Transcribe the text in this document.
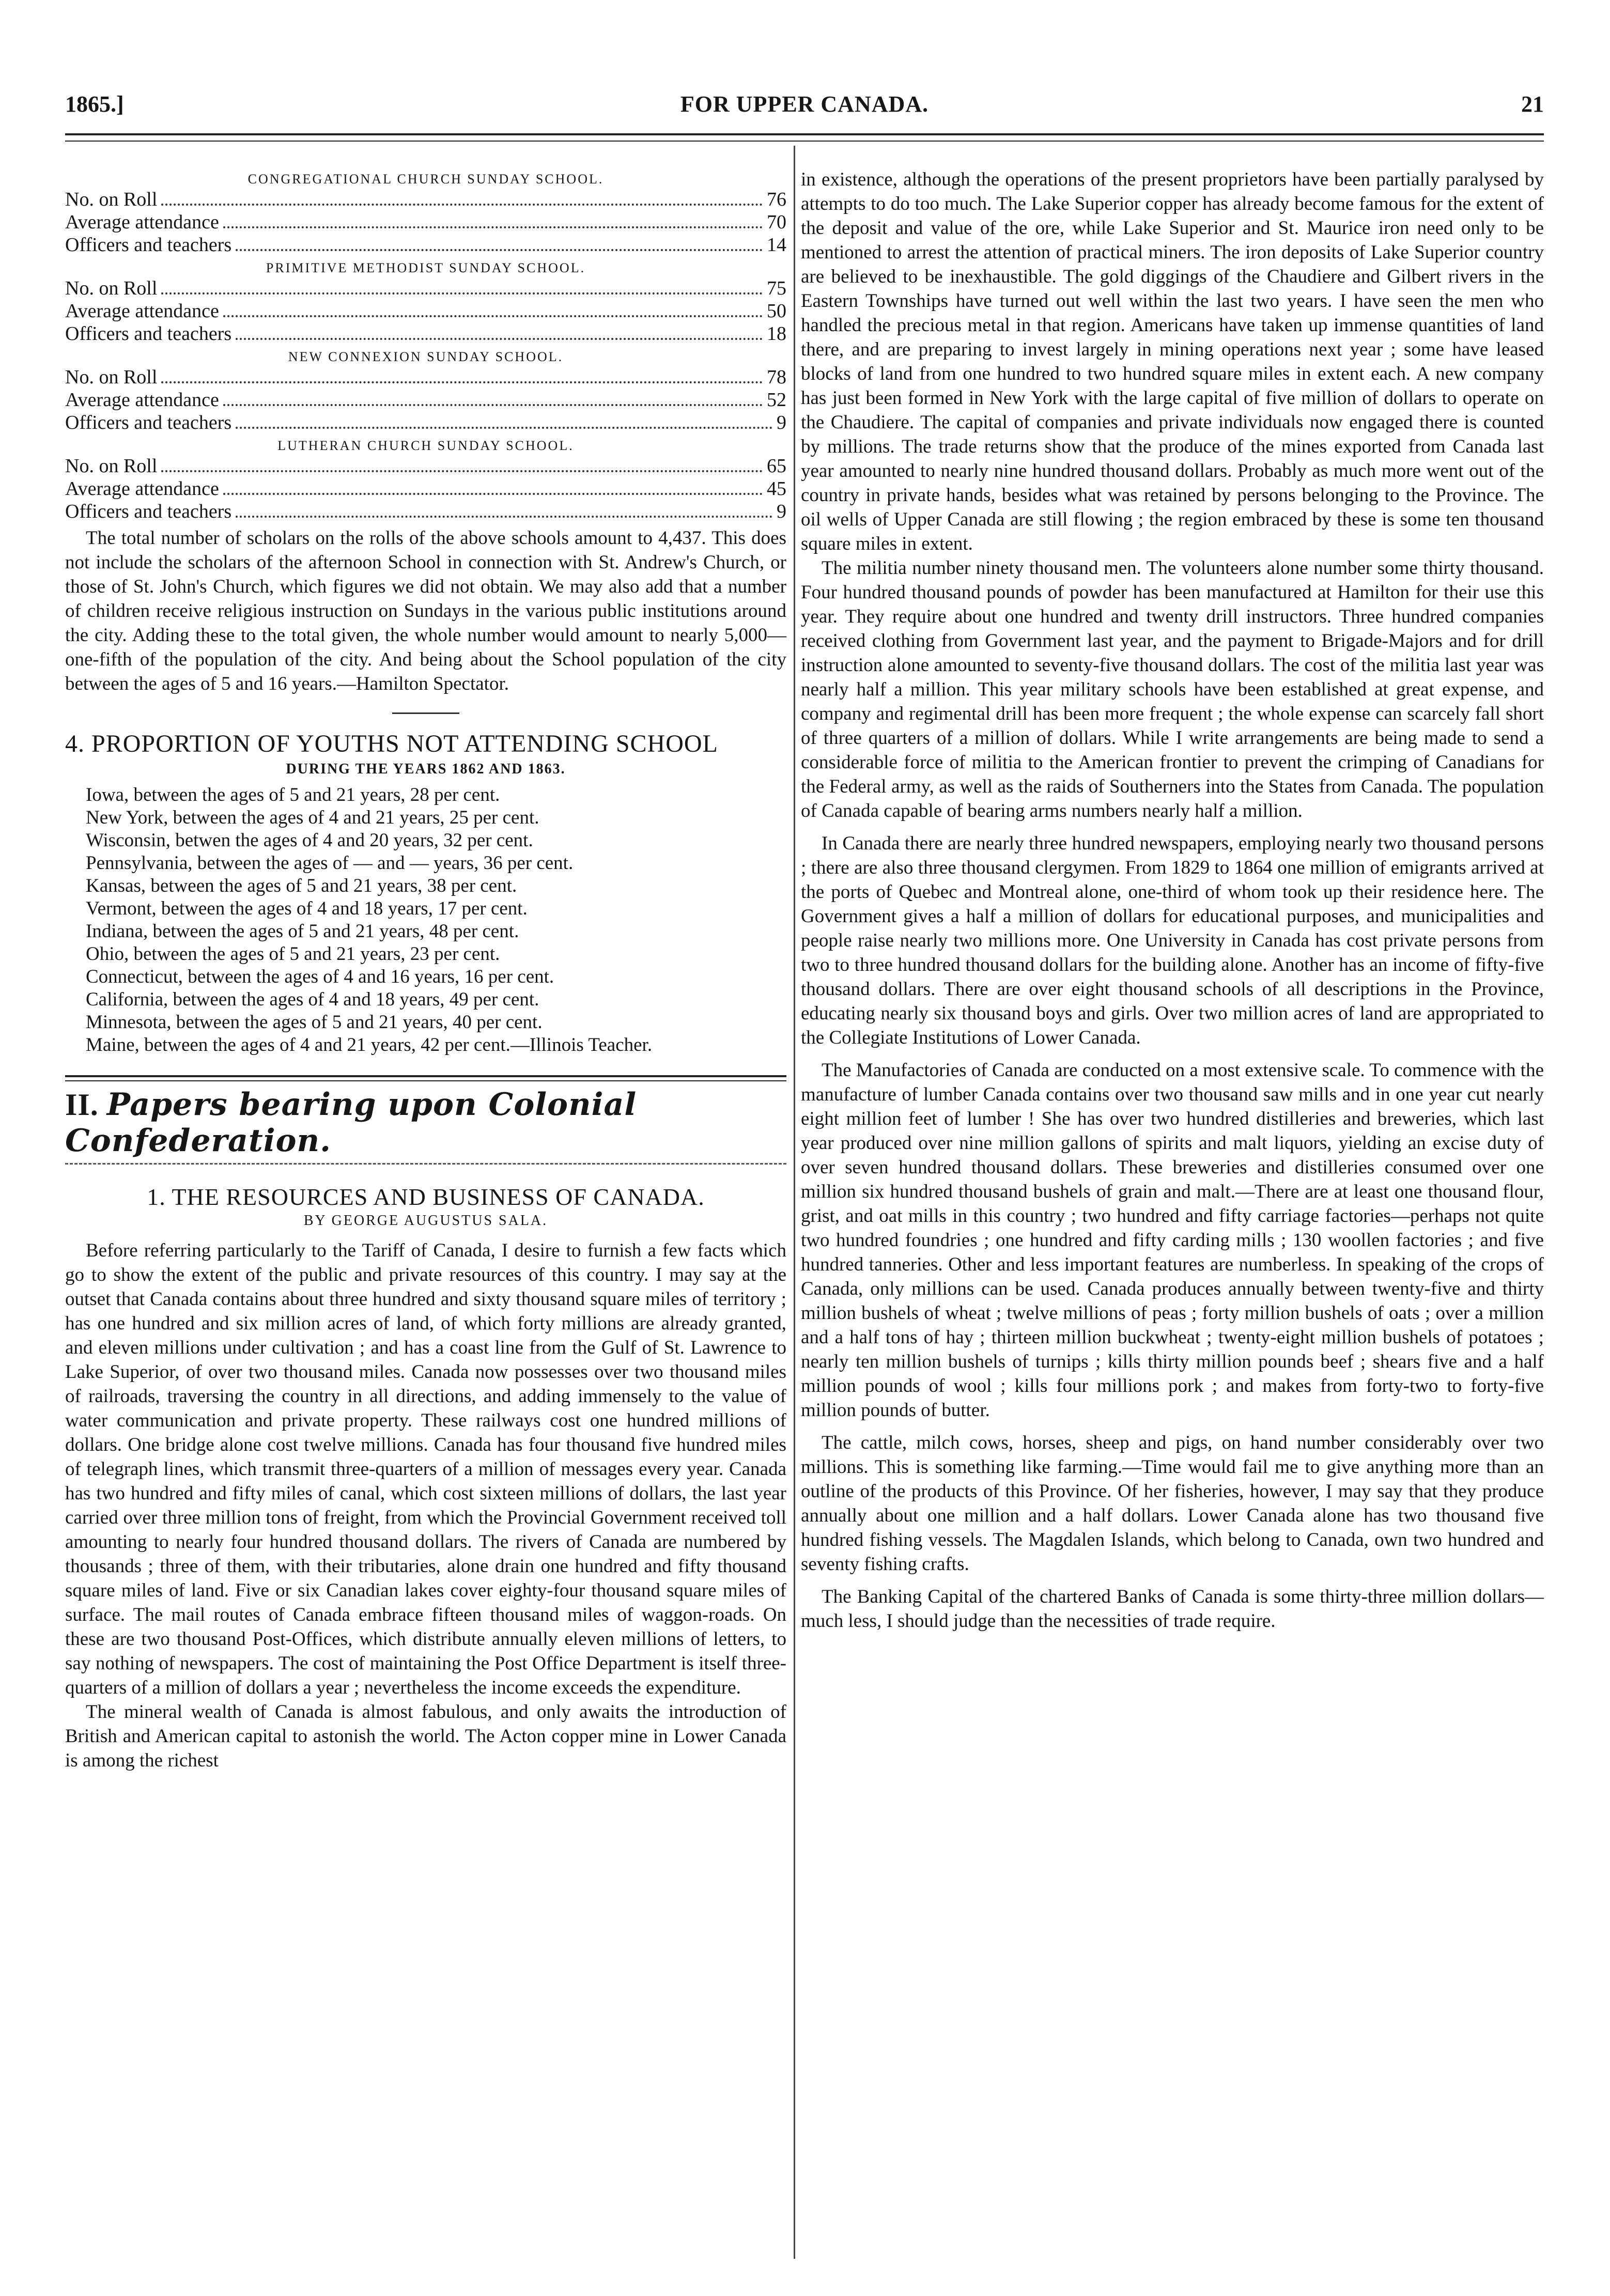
1865.]	FOR UPPER CANADA.	21
CONGREGATIONAL CHURCH SUNDAY SCHOOL.
No. on Roll	76
Average attendance	70
Officers and teachers	14
PRIMITIVE METHODIST SUNDAY SCHOOL.
No. on Roll	75
Average attendance	50
Officers and teachers	18
NEW CONNEXION SUNDAY SCHOOL.
No. on Roll	78
Average attendance	52
Officers and teachers	9
LUTHERAN CHURCH SUNDAY SCHOOL.
No. on Roll	65
Average attendance	45
Officers and teachers	9

The total number of scholars on the rolls of the above schools amount to 4,437. This does not include the scholars of the afternoon School in connection with St. Andrew's Church, or those of St. John's Church, which figures we did not obtain. We may also add that a number of children receive religious instruction on Sundays in the various public institutions around the city. Adding these to the total given, the whole number would amount to nearly 5,000—one-fifth of the population of the city. And being about the School population of the city between the ages of 5 and 16 years.—Hamilton Spectator.

4. PROPORTION OF YOUTHS NOT ATTENDING SCHOOL
DURING THE YEARS 1862 AND 1863.
Iowa, between the ages of 5 and 21 years, 28 per cent.
New York, between the ages of 4 and 21 years, 25 per cent.
Wisconsin, betwen the ages of 4 and 20 years, 32 per cent.
Pennsylvania, between the ages of — and — years, 36 per cent.
Kansas, between the ages of 5 and 21 years, 38 per cent.
Vermont, between the ages of 4 and 18 years, 17 per cent.
Indiana, between the ages of 5 and 21 years, 48 per cent.
Ohio, between the ages of 5 and 21 years, 23 per cent.
Connecticut, between the ages of 4 and 16 years, 16 per cent.
California, between the ages of 4 and 18 years, 49 per cent.
Minnesota, between the ages of 5 and 21 years, 40 per cent.
Maine, between the ages of 4 and 21 years, 42 per cent.—Illinois Teacher.
II. Papers bearing upon Colonial Confederation.
1. THE RESOURCES AND BUSINESS OF CANADA.
BY GEORGE AUGUSTUS SALA.

Before referring particularly to the Tariff of Canada, I desire to furnish a few facts which go to show the extent of the public and private resources of this country. I may say at the outset that Canada contains about three hundred and sixty thousand square miles of territory ; has one hundred and six million acres of land, of which forty millions are already granted, and eleven millions under cultivation ; and has a coast line from the Gulf of St. Lawrence to Lake Superior, of over two thousand miles. Canada now possesses over two thousand miles of railroads, traversing the country in all directions, and adding immensely to the value of water communication and private property. These railways cost one hundred millions of dollars. One bridge alone cost twelve millions. Canada has four thousand five hundred miles of telegraph lines, which transmit three-quarters of a million of messages every year. Canada has two hundred and fifty miles of canal, which cost sixteen millions of dollars, the last year carried over three million tons of freight, from which the Provincial Government received toll amounting to nearly four hundred thousand dollars. The rivers of Canada are numbered by thousands ; three of them, with their tributaries, alone drain one hundred and fifty thousand square miles of land. Five or six Canadian lakes cover eighty-four thousand square miles of surface. The mail routes of Canada embrace fifteen thousand miles of waggon-roads. On these are two thousand Post-Offices, which distribute annually eleven millions of letters, to say nothing of newspapers. The cost of maintaining the Post Office Department is itself three-quarters of a million of dollars a year ; nevertheless the income exceeds the expenditure.

The mineral wealth of Canada is almost fabulous, and only awaits the introduction of British and American capital to astonish the world. The Acton copper mine in Lower Canada is among the richest

in existence, although the operations of the present proprietors have been partially paralysed by attempts to do too much. The Lake Superior copper has already become famous for the extent of the deposit and value of the ore, while Lake Superior and St. Maurice iron need only to be mentioned to arrest the attention of practical miners. The iron deposits of Lake Superior country are believed to be inexhaustible. The gold diggings of the Chaudiere and Gilbert rivers in the Eastern Townships have turned out well within the last two years. I have seen the men who handled the precious metal in that region. Americans have taken up immense quantities of land there, and are preparing to invest largely in mining operations next year ; some have leased blocks of land from one hundred to two hundred square miles in extent each. A new company has just been formed in New York with the large capital of five million of dollars to operate on the Chaudiere. The capital of companies and private individuals now engaged there is counted by millions. The trade returns show that the produce of the mines exported from Canada last year amounted to nearly nine hundred thousand dollars. Probably as much more went out of the country in private hands, besides what was retained by persons belonging to the Province. The oil wells of Upper Canada are still flowing ; the region embraced by these is some ten thousand square miles in extent.

The militia number ninety thousand men. The volunteers alone number some thirty thousand. Four hundred thousand pounds of powder has been manufactured at Hamilton for their use this year. They require about one hundred and twenty drill instructors. Three hundred companies received clothing from Government last year, and the payment to Brigade-Majors and for drill instruction alone amounted to seventy-five thousand dollars. The cost of the militia last year was nearly half a million. This year military schools have been established at great expense, and company and regimental drill has been more frequent ; the whole expense can scarcely fall short of three quarters of a million of dollars. While I write arrangements are being made to send a considerable force of militia to the American frontier to prevent the crimping of Canadians for the Federal army, as well as the raids of Southerners into the States from Canada. The population of Canada capable of bearing arms numbers nearly half a million.

In Canada there are nearly three hundred newspapers, employing nearly two thousand persons ; there are also three thousand clergymen. From 1829 to 1864 one million of emigrants arrived at the ports of Quebec and Montreal alone, one-third of whom took up their residence here. The Government gives a half a million of dollars for educational purposes, and municipalities and people raise nearly two millions more. One University in Canada has cost private persons from two to three hundred thousand dollars for the building alone. Another has an income of fifty-five thousand dollars. There are over eight thousand schools of all descriptions in the Province, educating nearly six thousand boys and girls. Over two million acres of land are appropriated to the Collegiate Institutions of Lower Canada.

The Manufactories of Canada are conducted on a most extensive scale. To commence with the manufacture of lumber Canada contains over two thousand saw mills and in one year cut nearly eight million feet of lumber ! She has over two hundred distilleries and breweries, which last year produced over nine million gallons of spirits and malt liquors, yielding an excise duty of over seven hundred thousand dollars. These breweries and distilleries consumed over one million six hundred thousand bushels of grain and malt.—There are at least one thousand flour, grist, and oat mills in this country ; two hundred and fifty carriage factories—perhaps not quite two hundred foundries ; one hundred and fifty carding mills ; 130 woollen factories ; and five hundred tanneries. Other and less important features are numberless. In speaking of the crops of Canada, only millions can be used. Canada produces annually between twenty-five and thirty million bushels of wheat ; twelve millions of peas ; forty million bushels of oats ; over a million and a half tons of hay ; thirteen million buckwheat ; twenty-eight million bushels of potatoes ; nearly ten million bushels of turnips ; kills thirty million pounds beef ; shears five and a half million pounds of wool ; kills four millions pork ; and makes from forty-two to forty-five million pounds of butter.

The cattle, milch cows, horses, sheep and pigs, on hand number considerably over two millions. This is something like farming.—Time would fail me to give anything more than an outline of the products of this Province. Of her fisheries, however, I may say that they produce annually about one million and a half dollars. Lower Canada alone has two thousand five hundred fishing vessels. The Magdalen Islands, which belong to Canada, own two hundred and seventy fishing crafts.

The Banking Capital of the chartered Banks of Canada is some thirty-three million dollars—much less, I should judge than the necessities of trade require.
